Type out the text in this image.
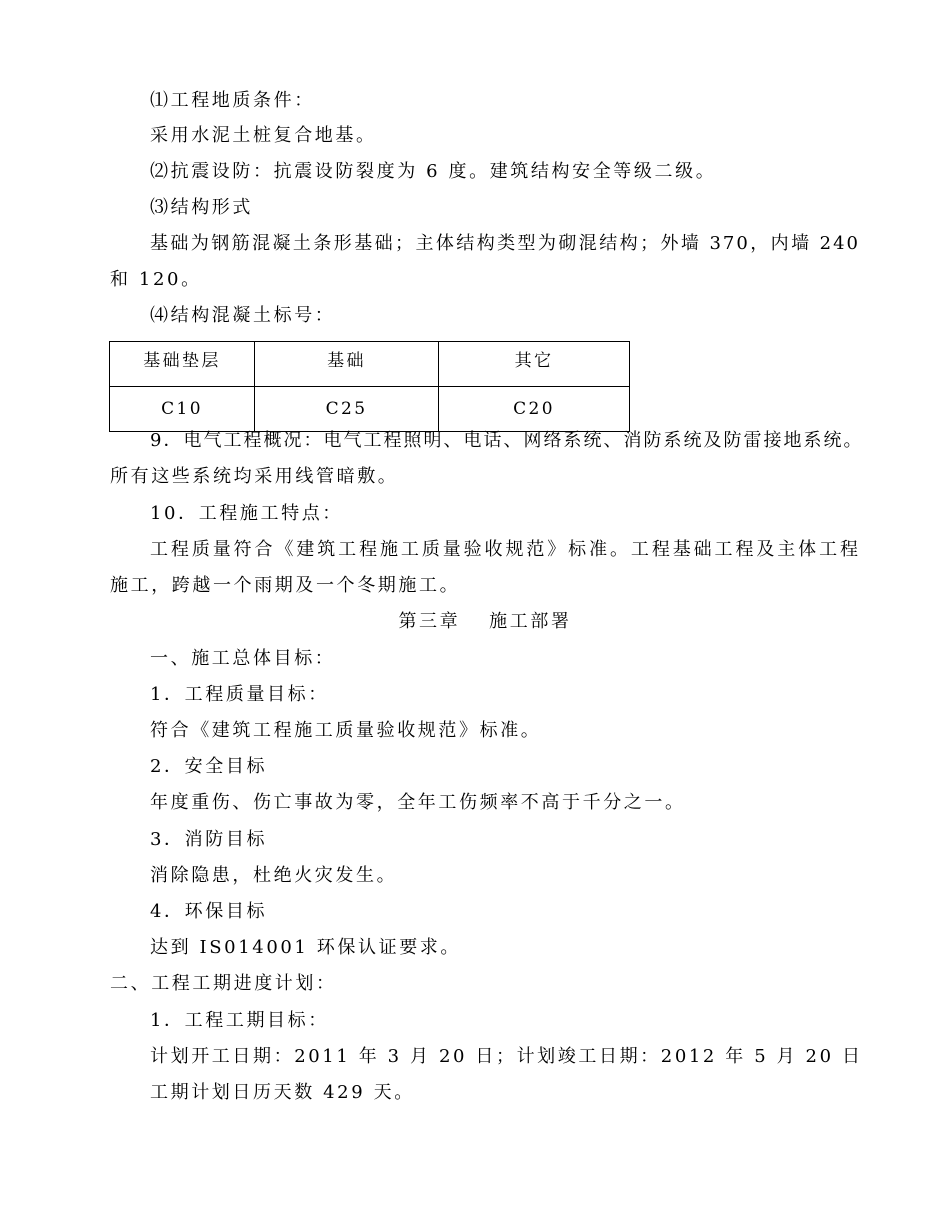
⑴工程地质条件：
采用水泥土桩复合地基。
⑵抗震设防：抗震设防裂度为 6 度。建筑结构安全等级二级。
⑶结构形式
基础为钢筋混凝土条形基础；主体结构类型为砌混结构；外墙 370，内墙 240
和 120。
⑷结构混凝土标号：
基础垫层	基础	其它
C10	C25	C20
9．电气工程概况：电气工程照明、电话、网络系统、消防系统及防雷接地系统。
所有这些系统均采用线管暗敷。
10．工程施工特点：
工程质量符合《建筑工程施工质量验收规范》标准。工程基础工程及主体工程
施工，跨越一个雨期及一个冬期施工。
第三章　 施工部署
一、施工总体目标：
1．工程质量目标：
符合《建筑工程施工质量验收规范》标准。
2．安全目标
年度重伤、伤亡事故为零，全年工伤频率不高于千分之一。
3．消防目标
消除隐患，杜绝火灾发生。
4．环保目标
达到 IS014001 环保认证要求。
二、工程工期进度计划：
1．工程工期目标：
计划开工日期：2011 年 3 月 20 日；计划竣工日期：2012 年 5 月 20 日
工期计划日历天数 429 天。
